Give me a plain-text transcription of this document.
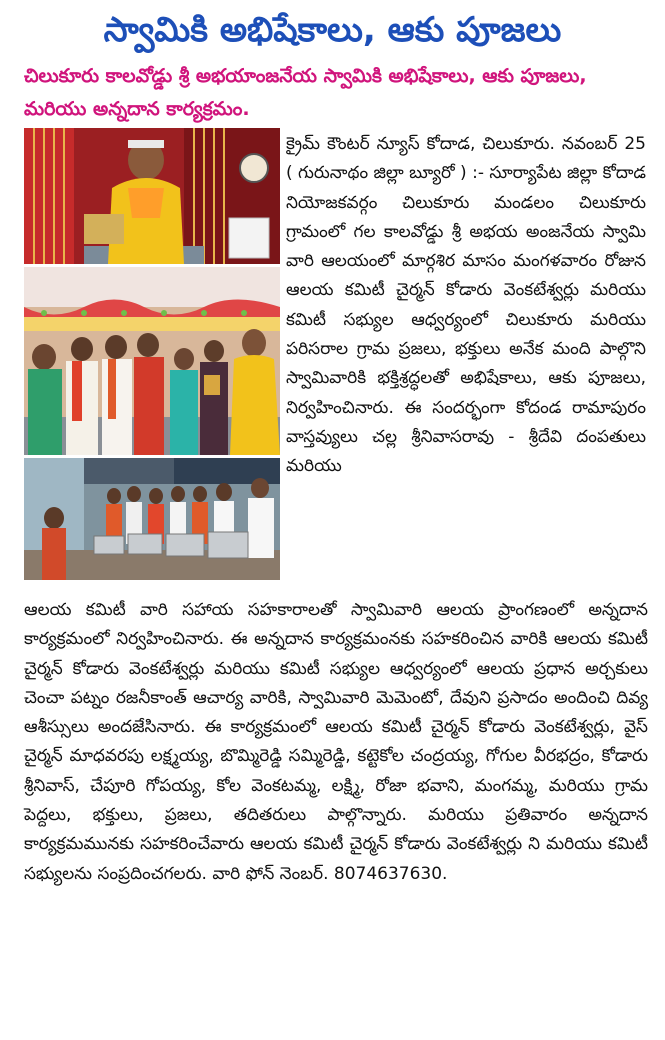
స్వామికి అభిషేకాలు, ఆకు పూజలు
చిలుకూరు కాలవోడ్డు శ్రీ అభయాంజనేయ స్వామికి అభిషేకాలు, ఆకు పూజలు, మరియు అన్నదాన కార్యక్రమం.

క్రైమ్ కౌంటర్ న్యూస్ కోదాడ, చిలుకూరు. నవంబర్ 25 ( గురునాథం జిల్లా బ్యూరో ) :- సూర్యాపేట జిల్లా కోదాడ నియోజకవర్గం చిలుకూరు మండలం చిలుకూరు గ్రామంలో గల కాలవోడ్డు శ్రీ అభయ అంజనేయ స్వామి వారి ఆలయంలో మార్గశిర మాసం మంగళవారం రోజున ఆలయ కమిటీ చైర్మన్ కోడారు వెంకటేశ్వర్లు మరియు కమిటీ సభ్యుల ఆధ్వర్యంలో చిలుకూరు మరియు పరిసరాల గ్రామ ప్రజలు, భక్తులు అనేక మంది పాల్గొని స్వామివారికి భక్తిశ్రద్ధలతో అభిషేకాలు, ఆకు పూజలు, నిర్వహించినారు. ఈ సందర్భంగా కోదండ రామాపురం వాస్తవ్యులు చల్ల శ్రీనివాసరావు - శ్రీదేవి దంపతులు మరియు

ఆలయ కమిటీ వారి సహాయ సహకారాలతో స్వామివారి ఆలయ ప్రాంగణంలో అన్నదాన కార్యక్రమంలో నిర్వహించినారు. ఈ అన్నదాన కార్యక్రమంనకు సహకరించిన వారికి ఆలయ కమిటీ చైర్మన్ కోడారు వెంకటేశ్వర్లు మరియు కమిటీ సభ్యుల ఆధ్వర్యంలో ఆలయ ప్రధాన అర్చకులు చెంచా పట్నం రజనీకాంత్ ఆచార్య వారికి, స్వామివారి మెమెంటో, దేవుని ప్రసాదం అందించి దివ్య ఆశీస్సులు అందజేసినారు. ఈ కార్యక్రమంలో ఆలయ కమిటీ చైర్మన్ కోడారు వెంకటేశ్వర్లు, వైస్ చైర్మన్ మాధవరపు లక్ష్మయ్య, బొమ్మిరెడ్డి సమ్మిరెడ్డి, కట్టెకోల చంద్రయ్య, గోగుల వీరభద్రం, కోడారు శ్రీనివాస్, చేపూరి గోపయ్య, కోల వెంకటమ్మ, లక్ష్మి, రోజా భవాని, మంగమ్మ, మరియు గ్రామ పెద్దలు, భక్తులు, ప్రజలు, తదితరులు పాల్గొన్నారు. మరియు ప్రతివారం అన్నదాన కార్యక్రమమునకు సహకరించేవారు ఆలయ కమిటీ చైర్మన్ కోడారు వెంకటేశ్వర్లు ని మరియు కమిటీ సభ్యులను సంప్రదించగలరు. వారి ఫోన్ నెంబర్. 8074637630.
